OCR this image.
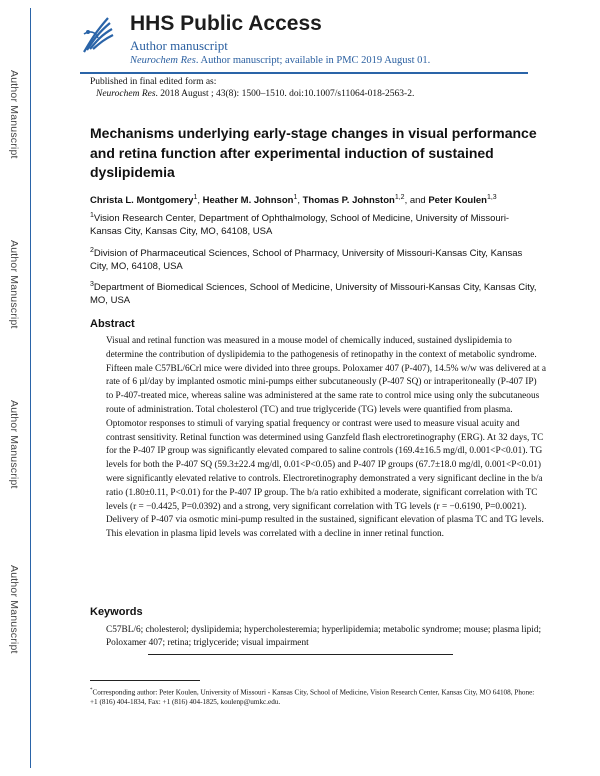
Author Manuscript
Author Manuscript
Author Manuscript
Author Manuscript
HHS Public Access
Author manuscript
Neurochem Res. Author manuscript; available in PMC 2019 August 01.
Published in final edited form as:
Neurochem Res. 2018 August ; 43(8): 1500–1510. doi:10.1007/s11064-018-2563-2.
Mechanisms underlying early-stage changes in visual performance and retina function after experimental induction of sustained dyslipidemia
Christa L. Montgomery$^1$, Heather M. Johnson$^1$, Thomas P. Johnston$^{1,2}$, and Peter Koulen$^{1,3}$
$^1$Vision Research Center, Department of Ophthalmology, School of Medicine, University of Missouri-Kansas City, Kansas City, MO, 64108, USA
$^2$Division of Pharmaceutical Sciences, School of Pharmacy, University of Missouri-Kansas City, Kansas City, MO, 64108, USA
$^3$Department of Biomedical Sciences, School of Medicine, University of Missouri-Kansas City, Kansas City, MO, USA
Abstract
Visual and retinal function was measured in a mouse model of chemically induced, sustained dyslipidemia to determine the contribution of dyslipidemia to the pathogenesis of retinopathy in the context of metabolic syndrome. Fifteen male C57BL/6Crl mice were divided into three groups. Poloxamer 407 (P-407), 14.5% w/w was delivered at a rate of 6 µl/day by implanted osmotic mini-pumps either subcutaneously (P-407 SQ) or intraperitoneally (P-407 IP) to P-407-treated mice, whereas saline was administered at the same rate to control mice using only the subcutaneous route of administration. Total cholesterol (TC) and true triglyceride (TG) levels were quantified from plasma. Optomotor responses to stimuli of varying spatial frequency or contrast were used to measure visual acuity and contrast sensitivity. Retinal function was determined using Ganzfeld flash electroretinography (ERG). At 32 days, TC for the P-407 IP group was significantly elevated compared to saline controls (169.4±16.5 mg/dl, 0.001<P<0.01). TG levels for both the P-407 SQ (59.3±22.4 mg/dl, 0.01<P<0.05) and P-407 IP groups (67.7±18.0 mg/dl, 0.001<P<0.01) were significantly elevated relative to controls. Electroretinography demonstrated a very significant decline in the b/a ratio (1.80±0.11, P<0.01) for the P-407 IP group. The b/a ratio exhibited a moderate, significant correlation with TC levels (r = −0.4425, P=0.0392) and a strong, very significant correlation with TG levels (r = −0.6190, P=0.0021). Delivery of P-407 via osmotic mini-pump resulted in the sustained, significant elevation of plasma TC and TG levels. This elevation in plasma lipid levels was correlated with a decline in inner retinal function.
Keywords
C57BL/6; cholesterol; dyslipidemia; hypercholesteremia; hyperlipidemia; metabolic syndrome; mouse; plasma lipid; Poloxamer 407; retina; triglyceride; visual impairment
*Corresponding author: Peter Koulen, University of Missouri - Kansas City, School of Medicine, Vision Research Center, Kansas City, MO 64108, Phone: +1 (816) 404-1834, Fax: +1 (816) 404-1825, koulenp@umkc.edu.
